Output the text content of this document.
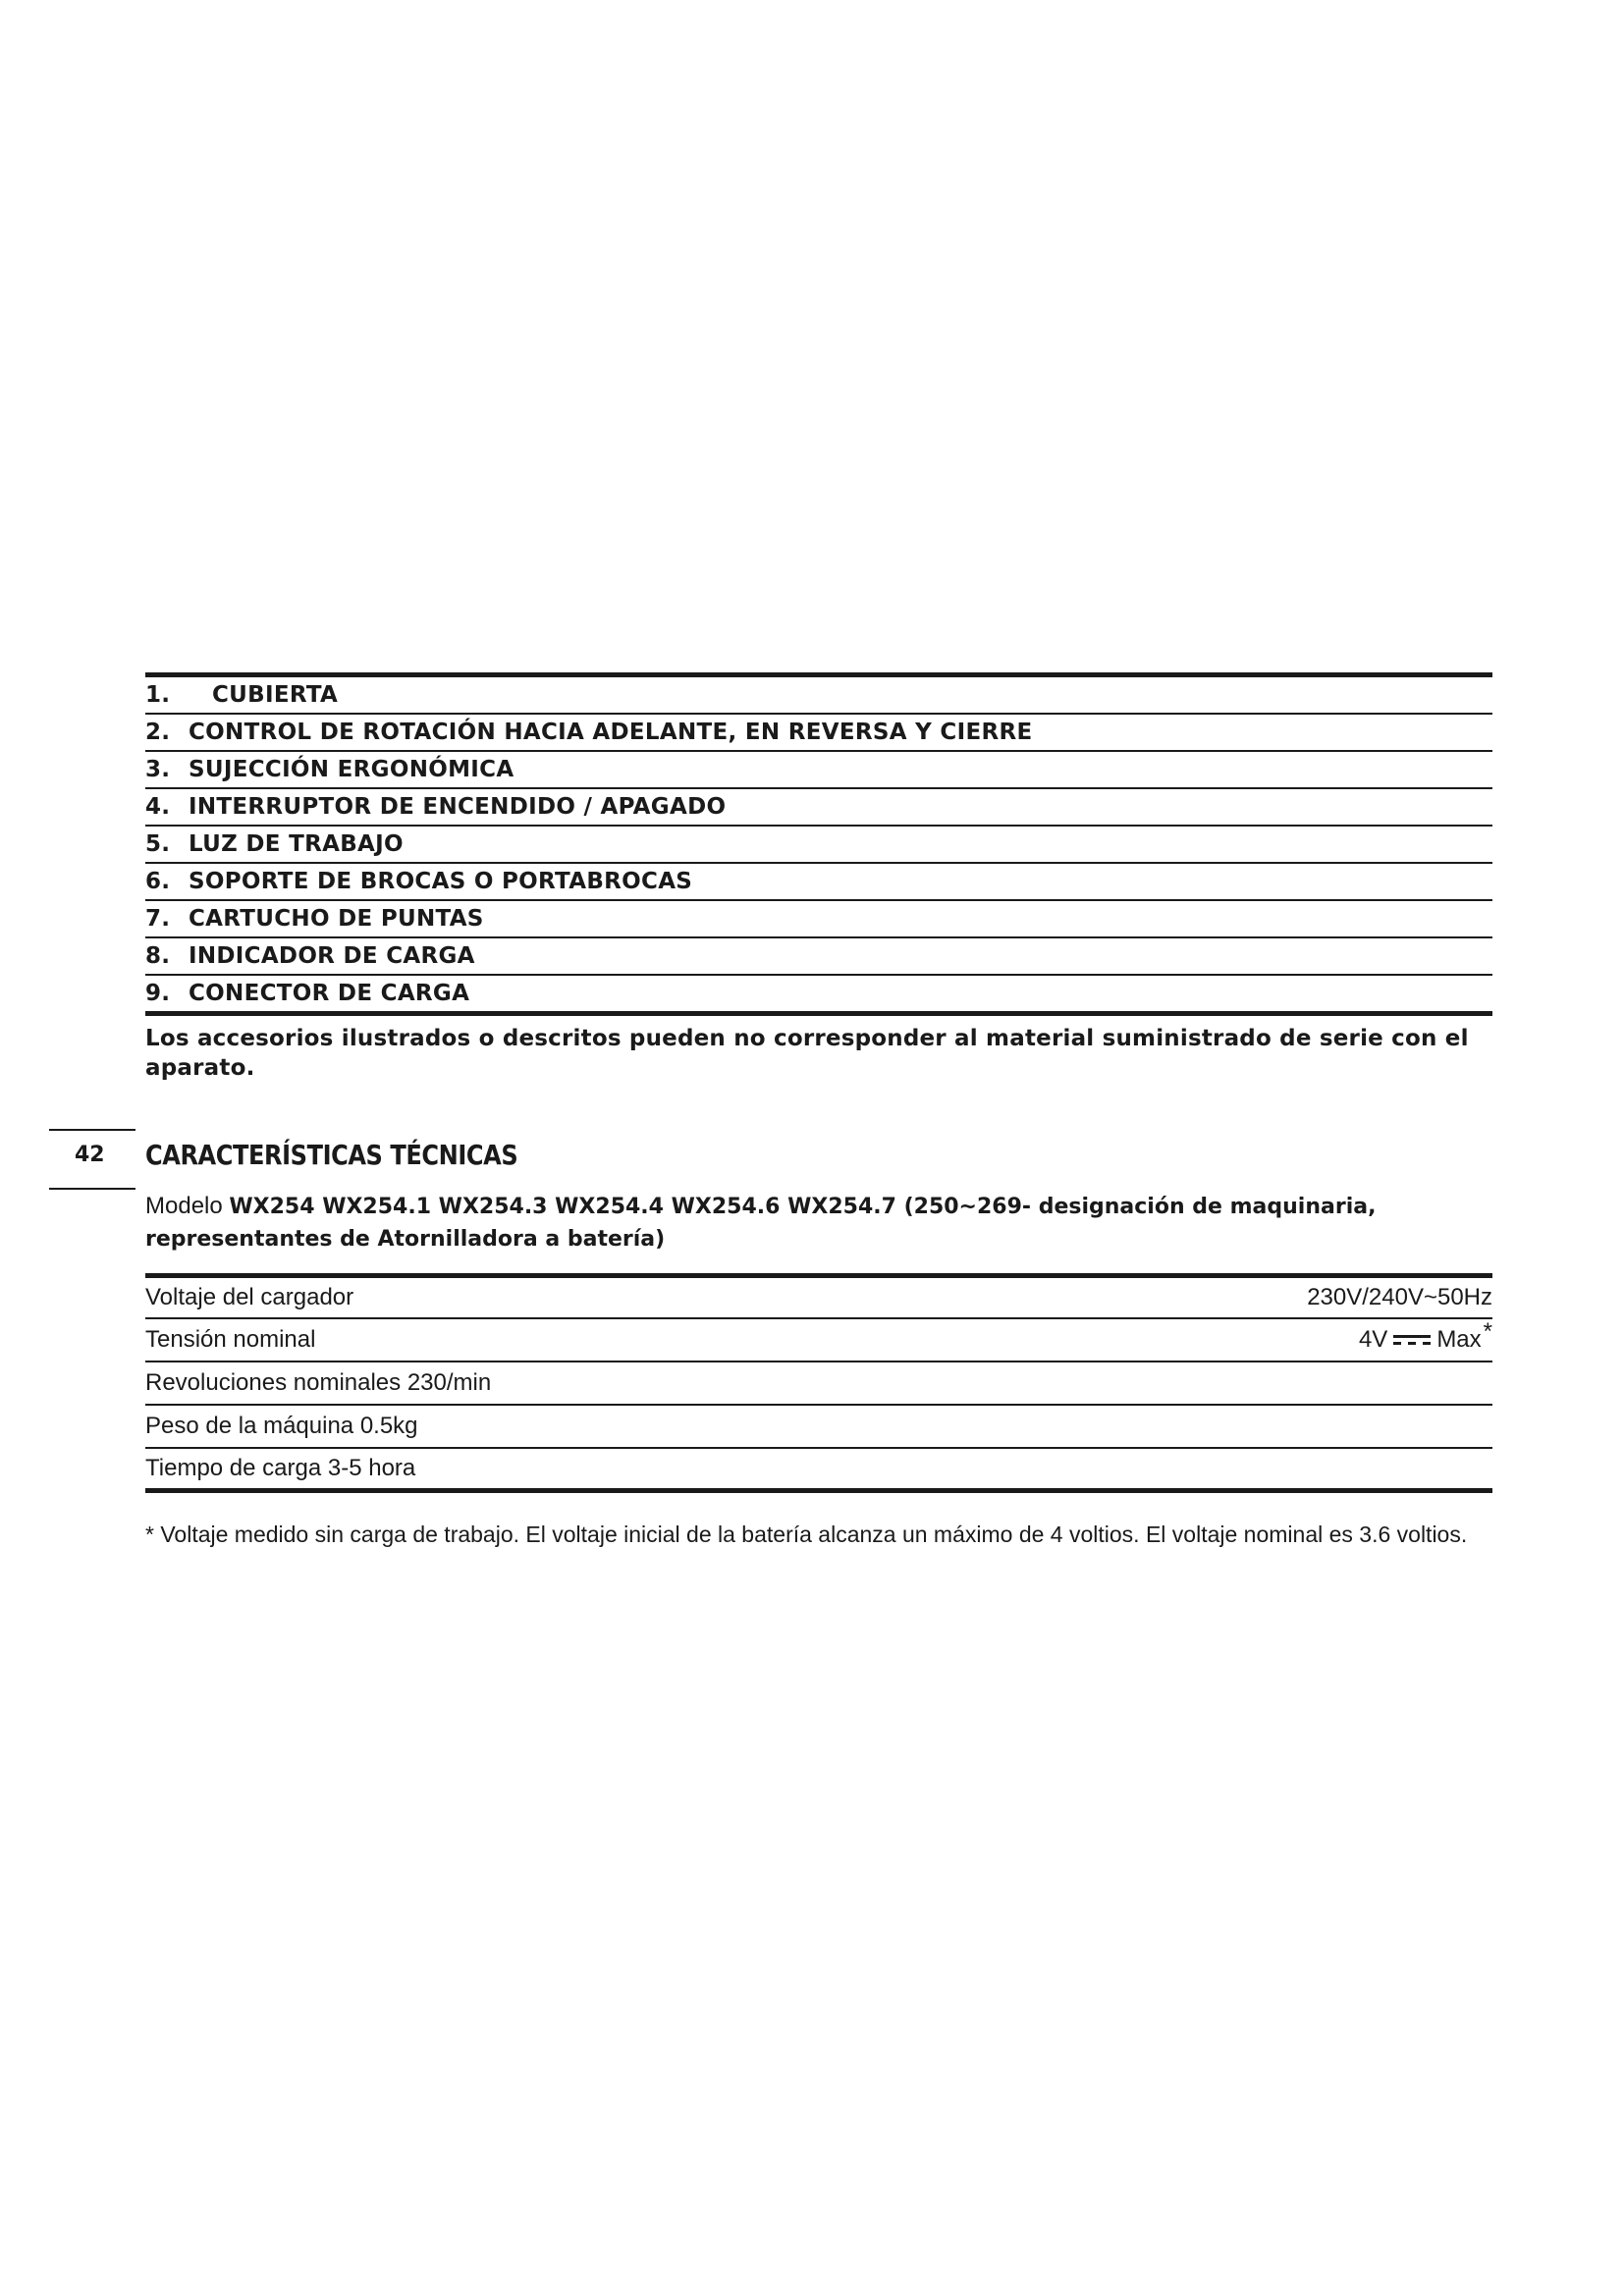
1.	CUBIERTA
2. CONTROL DE ROTACIÓN HACIA ADELANTE, EN REVERSA Y CIERRE
3. SUJECCIÓN ERGONÓMICA
4. INTERRUPTOR DE ENCENDIDO / APAGADO
5. LUZ DE TRABAJO
6. SOPORTE DE BROCAS O PORTABROCAS
7. CARTUCHO DE PUNTAS
8. INDICADOR DE CARGA
9. CONECTOR DE CARGA
Los accesorios ilustrados o descritos pueden no corresponder al material suministrado de serie con el aparato.
42 CARACTERÍSTICAS TÉCNICAS
Modelo WX254 WX254.1 WX254.3 WX254.4 WX254.6 WX254.7 (250~269- designación de maquinaria, representantes de Atornilladora a batería)
Voltaje del cargador	230V/240V~50Hz
Tensión nominal	4V Max *
Revoluciones nominales 230/min
Peso de la máquina 0.5kg
Tiempo de carga 3-5 hora
* Voltaje medido sin carga de trabajo. El voltaje inicial de la batería alcanza un máximo de 4 voltios. El voltaje nominal es 3.6 voltios.
